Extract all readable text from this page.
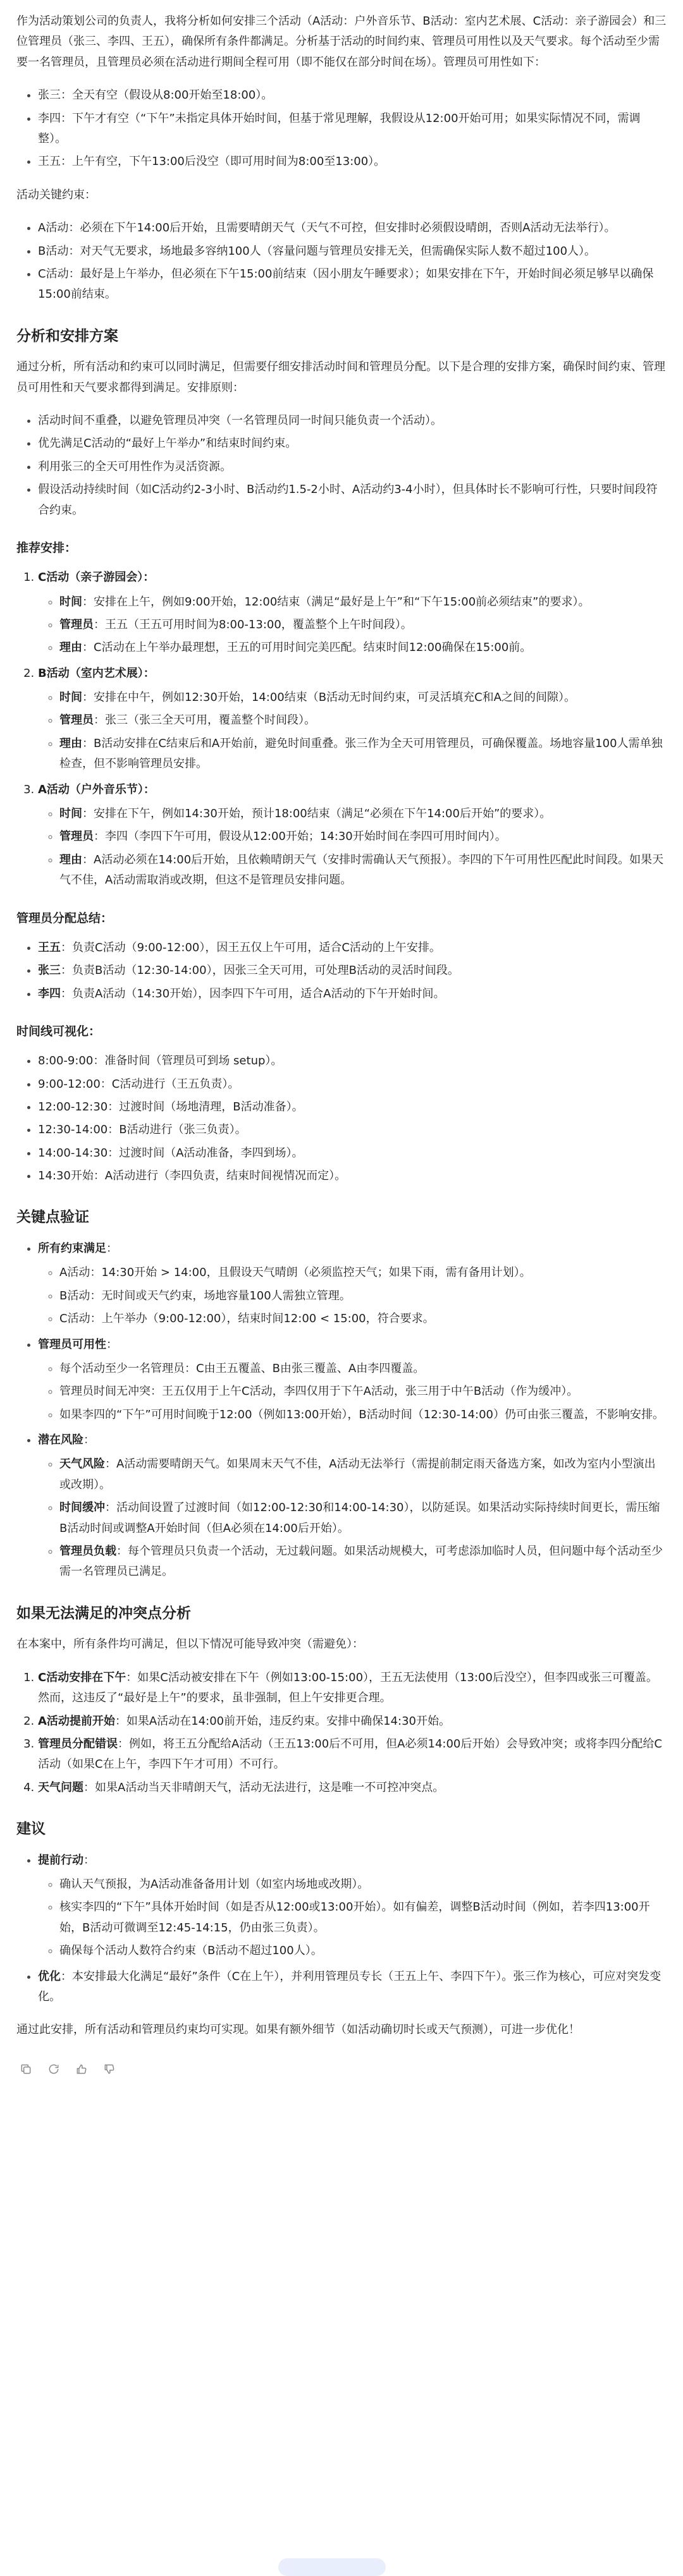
作为活动策划公司的负责人，我将分析如何安排三个活动（A活动：户外音乐节、B活动：室内艺术展、C活动：亲子游园会）和三位管理员（张三、李四、王五），确保所有条件都满足。分析基于活动的时间约束、管理员可用性以及天气要求。每个活动至少需要一名管理员，且管理员必须在活动进行期间全程可用（即不能仅在部分时间在场）。管理员可用性如下：

• 张三：全天有空（假设从8:00开始至18:00）。
• 李四：下午才有空（“下午”未指定具体开始时间，但基于常见理解，我假设从12:00开始可用；如果实际情况不同，需调整）。
• 王五：上午有空，下午13:00后没空（即可用时间为8:00至13:00）。

活动关键约束：

• A活动：必须在下午14:00后开始，且需要晴朗天气（天气不可控，但安排时必须假设晴朗，否则A活动无法举行）。
• B活动：对天气无要求，场地最多容纳100人（容量问题与管理员安排无关，但需确保实际人数不超过100人）。
• C活动：最好是上午举办，但必须在下午15:00前结束（因小朋友午睡要求）；如果安排在下午，开始时间必须足够早以确保15:00前结束。
分析和安排方案

通过分析，所有活动和约束可以同时满足，但需要仔细安排活动时间和管理员分配。以下是合理的安排方案，确保时间约束、管理员可用性和天气要求都得到满足。安排原则：

• 活动时间不重叠，以避免管理员冲突（一名管理员同一时间只能负责一个活动）。
• 优先满足C活动的“最好上午举办”和结束时间约束。
• 利用张三的全天可用性作为灵活资源。
• 假设活动持续时间（如C活动约2-3小时、B活动约1.5-2小时、A活动约3-4小时），但具体时长不影响可行性，只要时间段符合约束。
推荐安排：
1. C活动（亲子游园会）：
◦ 时间：安排在上午，例如9:00开始，12:00结束（满足“最好是上午”和“下午15:00前必须结束”的要求）。
◦ 管理员：王五（王五可用时间为8:00-13:00，覆盖整个上午时间段）。
◦ 理由：C活动在上午举办最理想，王五的可用时间完美匹配。结束时间12:00确保在15:00前。
2. B活动（室内艺术展）：
◦ 时间：安排在中午，例如12:30开始，14:00结束（B活动无时间约束，可灵活填充C和A之间的间隙）。
◦ 管理员：张三（张三全天可用，覆盖整个时间段）。
◦ 理由：B活动安排在C结束后和A开始前，避免时间重叠。张三作为全天可用管理员，可确保覆盖。场地容量100人需单独检查，但不影响管理员安排。
3. A活动（户外音乐节）：
◦ 时间：安排在下午，例如14:30开始，预计18:00结束（满足“必须在下午14:00后开始”的要求）。
◦ 管理员：李四（李四下午可用，假设从12:00开始；14:30开始时间在李四可用时间内）。
◦ 理由：A活动必须在14:00后开始，且依赖晴朗天气（安排时需确认天气预报）。李四的下午可用性匹配此时间段。如果天气不佳，A活动需取消或改期，但这不是管理员安排问题。
管理员分配总结：
• 王五：负责C活动（9:00-12:00），因王五仅上午可用，适合C活动的上午安排。
• 张三：负责B活动（12:30-14:00），因张三全天可用，可处理B活动的灵活时间段。
• 李四：负责A活动（14:30开始），因李四下午可用，适合A活动的下午开始时间。
时间线可视化：
• 8:00-9:00：准备时间（管理员可到场 setup）。
• 9:00-12:00：C活动进行（王五负责）。
• 12:00-12:30：过渡时间（场地清理，B活动准备）。
• 12:30-14:00：B活动进行（张三负责）。
• 14:00-14:30：过渡时间（A活动准备，李四到场）。
• 14:30开始：A活动进行（李四负责，结束时间视情况而定）。
关键点验证
• 所有约束满足：
◦ A活动：14:30开始 > 14:00，且假设天气晴朗（必须监控天气；如果下雨，需有备用计划）。
◦ B活动：无时间或天气约束，场地容量100人需独立管理。
◦ C活动：上午举办（9:00-12:00），结束时间12:00 < 15:00，符合要求。
• 管理员可用性：
◦ 每个活动至少一名管理员：C由王五覆盖、B由张三覆盖、A由李四覆盖。
◦ 管理员时间无冲突：王五仅用于上午C活动，李四仅用于下午A活动，张三用于中午B活动（作为缓冲）。
◦ 如果李四的“下午”可用时间晚于12:00（例如13:00开始），B活动时间（12:30-14:00）仍可由张三覆盖，不影响安排。
• 潜在风险：
◦ 天气风险：A活动需要晴朗天气。如果周末天气不佳，A活动无法举行（需提前制定雨天备选方案，如改为室内小型演出或改期）。
◦ 时间缓冲：活动间设置了过渡时间（如12:00-12:30和14:00-14:30），以防延误。如果活动实际持续时间更长，需压缩B活动时间或调整A开始时间（但A必须在14:00后开始）。
◦ 管理员负载：每个管理员只负责一个活动，无过载问题。如果活动规模大，可考虑添加临时人员，但问题中每个活动至少需一名管理员已满足。
如果无法满足的冲突点分析

在本案中，所有条件均可满足，但以下情况可能导致冲突（需避免）：

1. C活动安排在下午：如果C活动被安排在下午（例如13:00-15:00），王五无法使用（13:00后没空），但李四或张三可覆盖。然而，这违反了“最好是上午”的要求，虽非强制，但上午安排更合理。
2. A活动提前开始：如果A活动在14:00前开始，违反约束。安排中确保14:30开始。
3. 管理员分配错误：例如，将王五分配给A活动（王五13:00后不可用，但A必须14:00后开始）会导致冲突；或将李四分配给C活动（如果C在上午，李四下午才可用）不可行。
4. 天气问题：如果A活动当天非晴朗天气，活动无法进行，这是唯一不可控冲突点。
建议
• 提前行动：
◦ 确认天气预报，为A活动准备备用计划（如室内场地或改期）。
◦ 核实李四的“下午”具体开始时间（如是否从12:00或13:00开始）。如有偏差，调整B活动时间（例如，若李四13:00开始，B活动可微调至12:45-14:15，仍由张三负责）。
◦ 确保每个活动人数符合约束（B活动不超过100人）。
• 优化：本安排最大化满足“最好”条件（C在上午），并利用管理员专长（王五上午、李四下午）。张三作为核心，可应对突发变化。

通过此安排，所有活动和管理员约束均可实现。如果有额外细节（如活动确切时长或天气预测），可进一步优化！
